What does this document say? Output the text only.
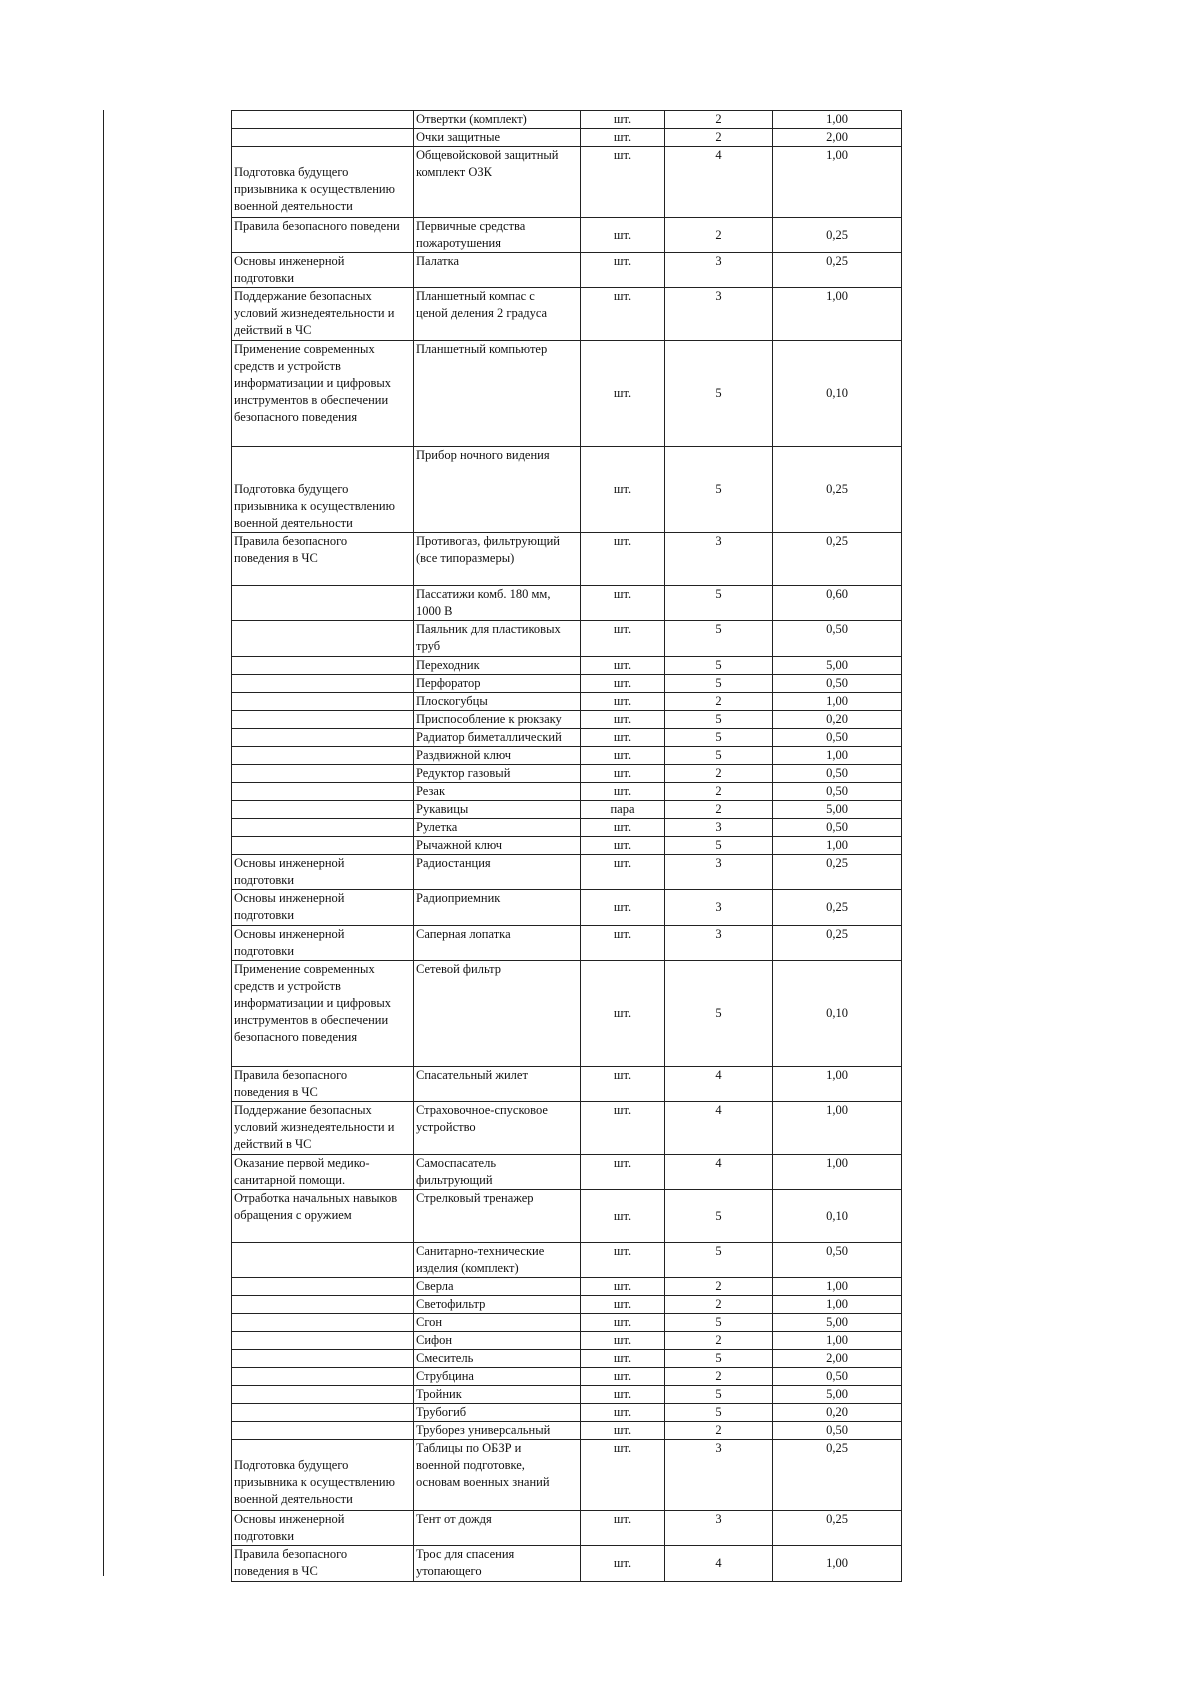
	Отвертки (комплект)	шт.	2	1,00
	Очки защитные	шт.	2	2,00

Подготовка будущего
призывника к осуществлению
военной деятельности	Общевойсковой защитный
комплект ОЗК	шт.	4	1,00
Правила безопасного поведени	Первичные средства
пожаротушения	шт.	2	0,25
Основы инженерной
подготовки	Палатка	шт.	3	0,25
Поддержание безопасных
условий жизнедеятельности и
действий в ЧС	Планшетный компас с
ценой деления 2 градуса	шт.	3	1,00
Применение современных
средств и устройств
информатизации и цифровых
инструментов в обеспечении
безопасного поведения	Планшетный компьютер	шт.	5	0,10

Подготовка будущего
призывника к осуществлению
военной деятельности	Прибор ночного видения	шт.	5	0,25
Правила безопасного
поведения в ЧС	Противогаз, фильтрующий
(все типоразмеры)	шт.	3	0,25
	Пассатижи комб. 180 мм,
1000 В	шт.	5	0,60
	Паяльник для пластиковых
труб	шт.	5	0,50
	Переходник	шт.	5	5,00
	Перфоратор	шт.	5	0,50
	Плоскогубцы	шт.	2	1,00
	Приспособление к рюкзаку	шт.	5	0,20
	Радиатор биметаллический	шт.	5	0,50
	Раздвижной ключ	шт.	5	1,00
	Редуктор газовый	шт.	2	0,50
	Резак	шт.	2	0,50
	Рукавицы	пара	2	5,00
	Рулетка	шт.	3	0,50
	Рычажной ключ	шт.	5	1,00
Основы инженерной
подготовки	Радиостанция	шт.	3	0,25
Основы инженерной
подготовки	Радиоприемник	шт.	3	0,25
Основы инженерной
подготовки	Саперная лопатка	шт.	3	0,25
Применение современных
средств и устройств
информатизации и цифровых
инструментов в обеспечении
безопасного поведения	Сетевой фильтр	шт.	5	0,10
Правила безопасного
поведения в ЧС	Спасательный жилет	шт.	4	1,00
Поддержание безопасных
условий жизнедеятельности и
действий в ЧС	Страховочное-спусковое
устройство	шт.	4	1,00
Оказание первой медико-
санитарной помощи.	Самоспасатель
фильтрующий	шт.	4	1,00
Отработка начальных навыков
обращения с оружием	Стрелковый тренажер	шт.	5	0,10
	Санитарно-технические
изделия (комплект)	шт.	5	0,50
	Сверла	шт.	2	1,00
	Светофильтр	шт.	2	1,00
	Сгон	шт.	5	5,00
	Сифон	шт.	2	1,00
	Смеситель	шт.	5	2,00
	Струбцина	шт.	2	0,50
	Тройник	шт.	5	5,00
	Трубогиб	шт.	5	0,20
	Труборез универсальный	шт.	2	0,50

Подготовка будущего
призывника к осуществлению
военной деятельности	Таблицы по ОБЗР и
военной подготовке,
основам военных знаний	шт.	3	0,25
Основы инженерной
подготовки	Тент от дождя	шт.	3	0,25
Правила безопасного
поведения в ЧС	Трос для спасения
утопающего	шт.	4	1,00
